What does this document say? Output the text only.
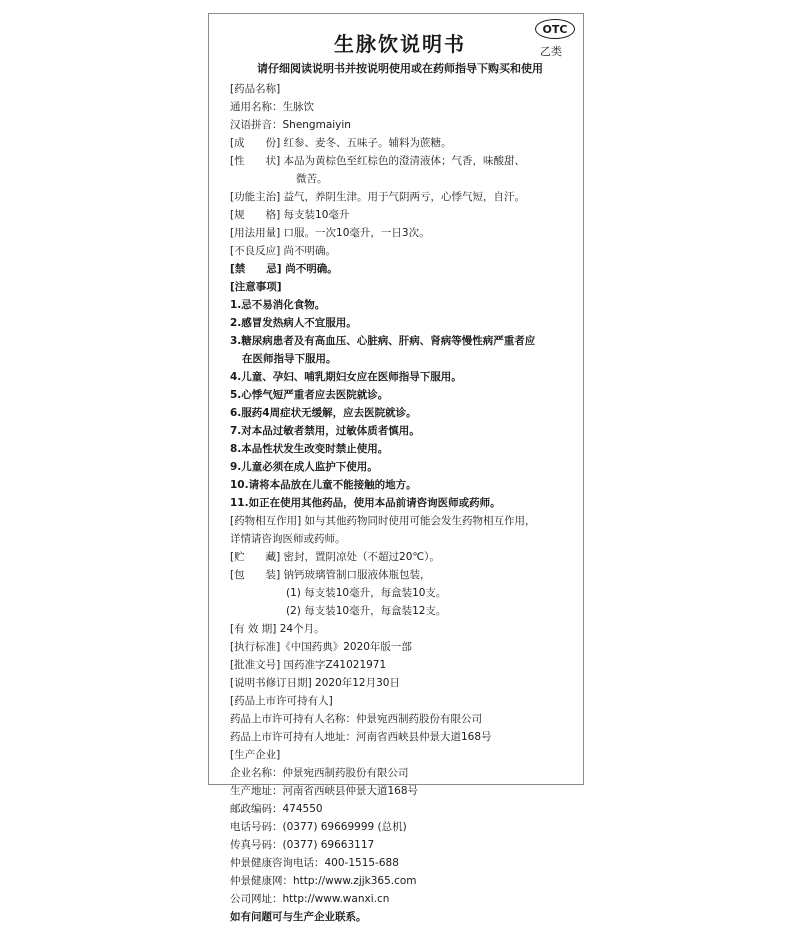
生脉饮说明书
OTC
乙类
请仔细阅读说明书并按说明使用或在药师指导下购买和使用
[药品名称]
通用名称：生脉饮
汉语拼音：Shengmaiyin
[成　　份] 红参、麦冬、五味子。辅料为蔗糖。
[性　　状] 本品为黄棕色至红棕色的澄清液体；气香，味酸甜、
微苦。
[功能主治] 益气，养阴生津。用于气阴两亏，心悸气短，自汗。
[规　　格] 每支装10毫升
[用法用量] 口服。一次10毫升，一日3次。
[不良反应] 尚不明确。
[禁　　忌] 尚不明确。
[注意事项]
1.忌不易消化食物。
2.感冒发热病人不宜服用。
3.糖尿病患者及有高血压、心脏病、肝病、肾病等慢性病严重者应
在医师指导下服用。
4.儿童、孕妇、哺乳期妇女应在医师指导下服用。
5.心悸气短严重者应去医院就诊。
6.服药4周症状无缓解，应去医院就诊。
7.对本品过敏者禁用，过敏体质者慎用。
8.本品性状发生改变时禁止使用。
9.儿童必须在成人监护下使用。
10.请将本品放在儿童不能接触的地方。
11.如正在使用其他药品，使用本品前请咨询医师或药师。
[药物相互作用] 如与其他药物同时使用可能会发生药物相互作用，
详情请咨询医师或药师。
[贮　　藏] 密封，置阴凉处（不超过20℃）。
[包　　装] 钠钙玻璃管制口服液体瓶包装，
(1) 每支装10毫升，每盒装10支。
(2) 每支装10毫升，每盒装12支。
[有 效 期] 24个月。
[执行标准]《中国药典》2020年版一部
[批准文号] 国药准字Z41021971
[说明书修订日期] 2020年12月30日
[药品上市许可持有人]
药品上市许可持有人名称：仲景宛西制药股份有限公司
药品上市许可持有人地址：河南省西峡县仲景大道168号
[生产企业]
企业名称：仲景宛西制药股份有限公司
生产地址：河南省西峡县仲景大道168号
邮政编码：474550
电话号码：(0377) 69669999 (总机)
传真号码：(0377) 69663117
仲景健康咨询电话：400-1515-688
仲景健康网：http://www.zjjk365.com
公司网址：http://www.wanxi.cn
如有问题可与生产企业联系。
